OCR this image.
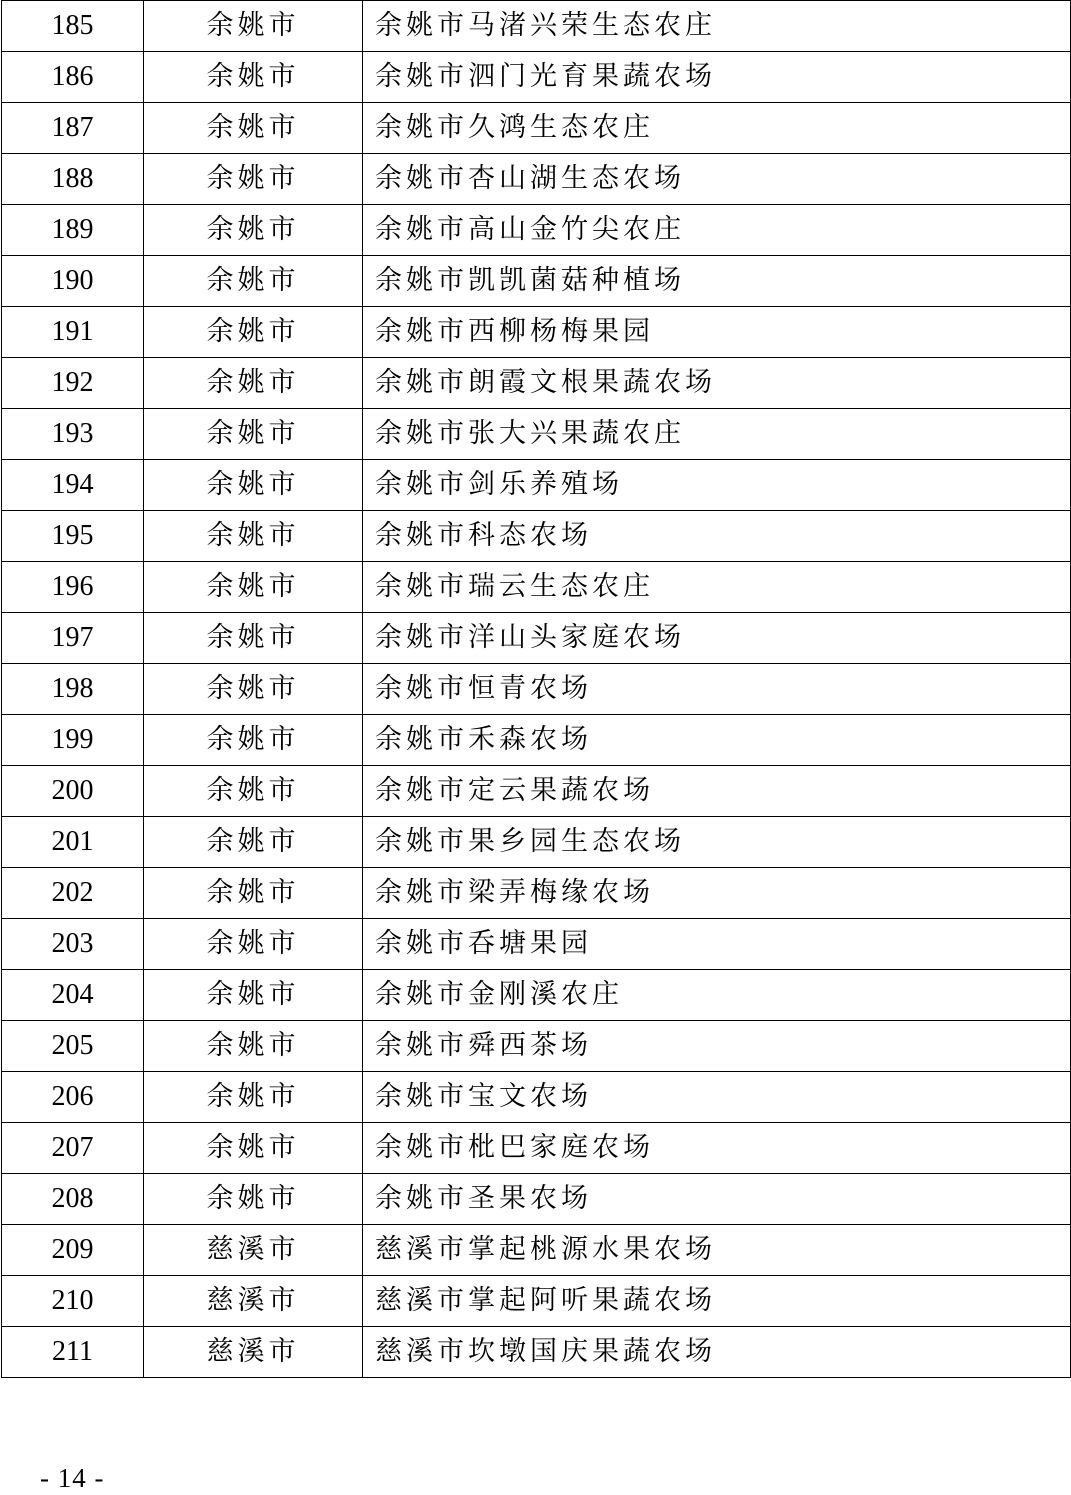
185	余姚市	余姚市马渚兴荣生态农庄
186	余姚市	余姚市泗门光育果蔬农场
187	余姚市	余姚市久鸿生态农庄
188	余姚市	余姚市杏山湖生态农场
189	余姚市	余姚市高山金竹尖农庄
190	余姚市	余姚市凯凯菌菇种植场
191	余姚市	余姚市西柳杨梅果园
192	余姚市	余姚市朗霞文根果蔬农场
193	余姚市	余姚市张大兴果蔬农庄
194	余姚市	余姚市剑乐养殖场
195	余姚市	余姚市科态农场
196	余姚市	余姚市瑞云生态农庄
197	余姚市	余姚市洋山头家庭农场
198	余姚市	余姚市恒青农场
199	余姚市	余姚市禾森农场
200	余姚市	余姚市定云果蔬农场
201	余姚市	余姚市果乡园生态农场
202	余姚市	余姚市梁弄梅缘农场
203	余姚市	余姚市呑塘果园
204	余姚市	余姚市金刚溪农庄
205	余姚市	余姚市舜西茶场
206	余姚市	余姚市宝文农场
207	余姚市	余姚市枇巴家庭农场
208	余姚市	余姚市圣果农场
209	慈溪市	慈溪市掌起桃源水果农场
210	慈溪市	慈溪市掌起阿听果蔬农场
211	慈溪市	慈溪市坎墩国庆果蔬农场
- 14 -
